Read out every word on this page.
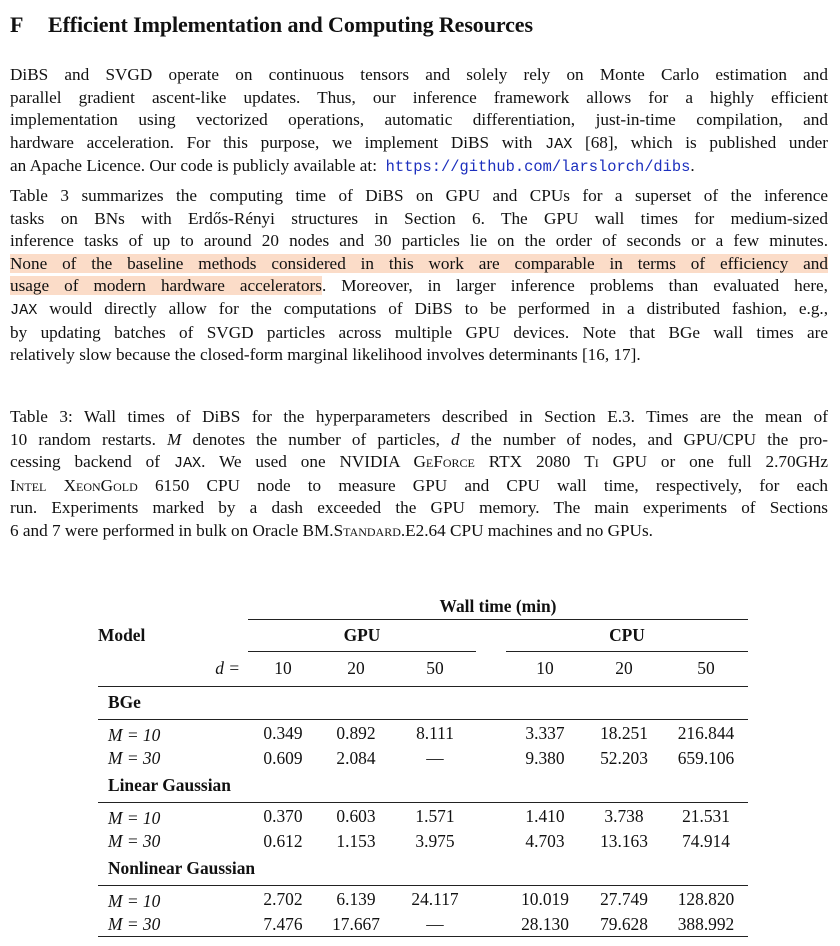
F Efficient Implementation and Computing Resources
DiBS and SVGD operate on continuous tensors and solely rely on Monte Carlo estimation and
parallel gradient ascent-like updates. Thus, our inference framework allows for a highly efficient
implementation using vectorized operations, automatic differentiation, just-in-time compilation, and
hardware acceleration. For this purpose, we implement DiBS with JAX [68], which is published under
an Apache Licence. Our code is publicly available at: https://github.com/larslorch/dibs.
Table 3 summarizes the computing time of DiBS on GPU and CPUs for a superset of the inference
tasks on BNs with Erdős-Rényi structures in Section 6. The GPU wall times for medium-sized
inference tasks of up to around 20 nodes and 30 particles lie on the order of seconds or a few minutes.
None of the baseline methods considered in this work are comparable in terms of efficiency and
usage of modern hardware accelerators. Moreover, in larger inference problems than evaluated here,
JAX would directly allow for the computations of DiBS to be performed in a distributed fashion, e.g.,
by updating batches of SVGD particles across multiple GPU devices. Note that BGe wall times are
relatively slow because the closed-form marginal likelihood involves determinants [16, 17].
Table 3: Wall times of DiBS for the hyperparameters described in Section E.3. Times are the mean of
10 random restarts. M denotes the number of particles, d the number of nodes, and GPU/CPU the pro-
cessing backend of JAX. We used one NVIDIA GeForce RTX 2080 Ti GPU or one full 2.70GHz
Intel XeonGold 6150 CPU node to measure GPU and CPU wall time, respectively, for each
run. Experiments marked by a dash exceeded the GPU memory. The main experiments of Sections
6 and 7 were performed in bulk on Oracle BM.Standard.E2.64 CPU machines and no GPUs.

	Wall time (min)						
Model	GPU				CPU		
d =	10	20	50		10	20	50
BGe							
M = 10	0.349	0.892	8.111		3.337	18.251	216.844
M = 30	0.609	2.084	—		9.380	52.203	659.106
Linear Gaussian							
M = 10	0.370	0.603	1.571		1.410	3.738	21.531
M = 30	0.612	1.153	3.975		4.703	13.163	74.914
Nonlinear Gaussian							
M = 10	2.702	6.139	24.117		10.019	27.749	128.820
M = 30	7.476	17.667	—		28.130	79.628	388.992
